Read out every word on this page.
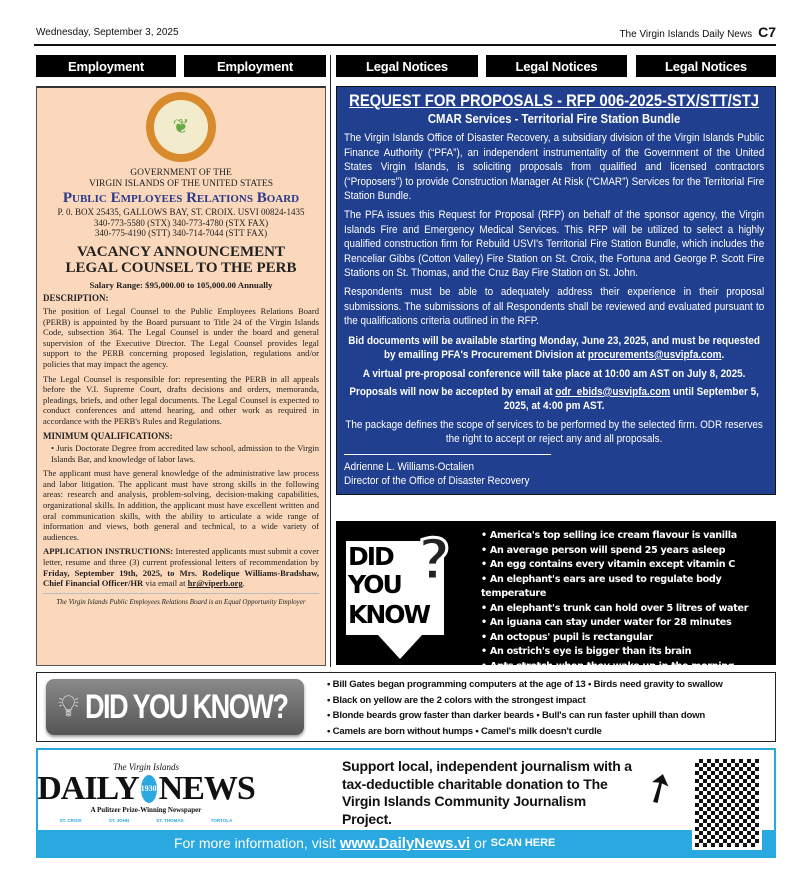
Wednesday, September 3, 2025	The Virgin Islands Daily News C7
Employment	Employment	Legal Notices	Legal Notices	Legal Notices
❦
GOVERNMENT OF THE
VIRGIN ISLANDS OF THE UNITED STATES
Public Employees Relations Board
P. 0. BOX 25435, GALLOWS BAY, ST. CROIX. USVI 00824-1435
340-773-5580 (STX) 340-773-4780 (STX FAX)
340-775-4190 (STT) 340-714-7044 (STT FAX)
VACANCY ANNOUNCEMENT
LEGAL COUNSEL TO THE PERB
Salary Range: $95,000.00 to 105,000.00 Annually
DESCRIPTION:

The position of Legal Counsel to the Public Employees Relations Board (PERB) is appointed by the Board pursuant to Title 24 of the Virgin Islands Code, subsection 364. The Legal Counsel is under the board and general supervision of the Executive Director. The Legal Counsel provides legal support to the PERB concerning proposed legislation, regulations and/or policies that may impact the agency.

The Legal Counsel is responsible for: representing the PERB in all appeals before the V.I. Supreme Court, drafts decisions and orders, memoranda, pleadings, briefs, and other legal documents. The Legal Counsel is expected to conduct conferences and attend hearing, and other work as required in accordance with the PERB's Rules and Regulations.

MINIMUM QUALIFICATIONS:

• Juris Doctorate Degree from accredited law school, admission to the Virgin Islands Bar, and knowledge of labor laws.

The applicant must have general knowledge of the administrative law process and labor litigation. The applicant must have strong skills in the following areas: research and analysis, problem-solving, decision-making capabilities, organizational skills. In addition, the applicant must have excellent written and oral communication skills, with the ability to articulate a wide range of information and views, both general and technical, to a wide variety of audiences.

APPLICATION INSTRUCTIONS: Interested applicants must submit a cover letter, resume and three (3) current professional letters of recommendation by Friday, September 19th, 2025, to Mrs. Rodelique Williams-Bradshaw, Chief Financial Officer/HR via email at hr@viperb.org.

The Virgin Islands Public Employees Relations Board is an Equal Opportunity Employer
REQUEST FOR PROPOSALS - RFP 006-2025-STX/STT/STJ
CMAR Services - Territorial Fire Station Bundle

The Virgin Islands Office of Disaster Recovery, a subsidiary division of the Virgin Islands Public Finance Authority (“PFA”), an independent instrumentality of the Government of the United States Virgin Islands, is soliciting proposals from qualified and licensed contractors (“Proposers”) to provide Construction Manager At Risk (“CMAR”) Services for the Territorial Fire Station Bundle.

The PFA issues this Request for Proposal (RFP) on behalf of the sponsor agency, the Virgin Islands Fire and Emergency Medical Services. This RFP will be utilized to select a highly qualified construction firm for Rebuild USVI's Territorial Fire Station Bundle, which includes the Renceliar Gibbs (Cotton Valley) Fire Station on St. Croix, the Fortuna and George P. Scott Fire Stations on St. Thomas, and the Cruz Bay Fire Station on St. John.

Respondents must be able to adequately address their experience in their proposal submissions. The submissions of all Respondents shall be reviewed and evaluated pursuant to the qualifications criteria outlined in the RFP.

Bid documents will be available starting Monday, June 23, 2025, and must be requested by emailing PFA's Procurement Division at procurements@usvipfa.com.
A virtual pre-proposal conference will take place at 10:00 am AST on July 8, 2025.
Proposals will now be accepted by email at odr_ebids@usvipfa.com until September 5, 2025, at 4:00 pm AST.
The package defines the scope of services to be performed by the selected firm. ODR reserves the right to accept or reject any and all proposals.
Adrienne L. Williams-Octalien
Director of the Office of Disaster Recovery
DID
YOU
KNOW
?	• America's top selling ice cream flavour is vanilla
• An average person will spend 25 years asleep
• An egg contains every vitamin except vitamin C
• An elephant's ears are used to regulate body temperature
• An elephant's trunk can hold over 5 litres of water
• An iguana can stay under water for 28 minutes
• An octopus' pupil is rectangular
• An ostrich's eye is bigger than its brain
• Ants stretch when they wake up in the morning
💡︎ DID YOU KNOW?
• Bill Gates began programming computers at the age of 13 • Birds need gravity to swallow
• Black on yellow are the 2 colors with the strongest impact
• Blonde beards grow faster than darker beards • Bull's can run faster uphill than down
• Camels are born without humps • Camel's milk doesn't curdle
The Virgin Islands
DAILY 1930 NEWS
A Pulitzer Prize-Winning Newspaper
ST. CROIX	ST. JOHN	ST. THOMAS	TORTOLA
Support local, independent journalism with a tax-deductible charitable donation to The Virgin Islands Community Journalism Project.
➚
For more information, visit www.DailyNews.vi or SCAN HERE
